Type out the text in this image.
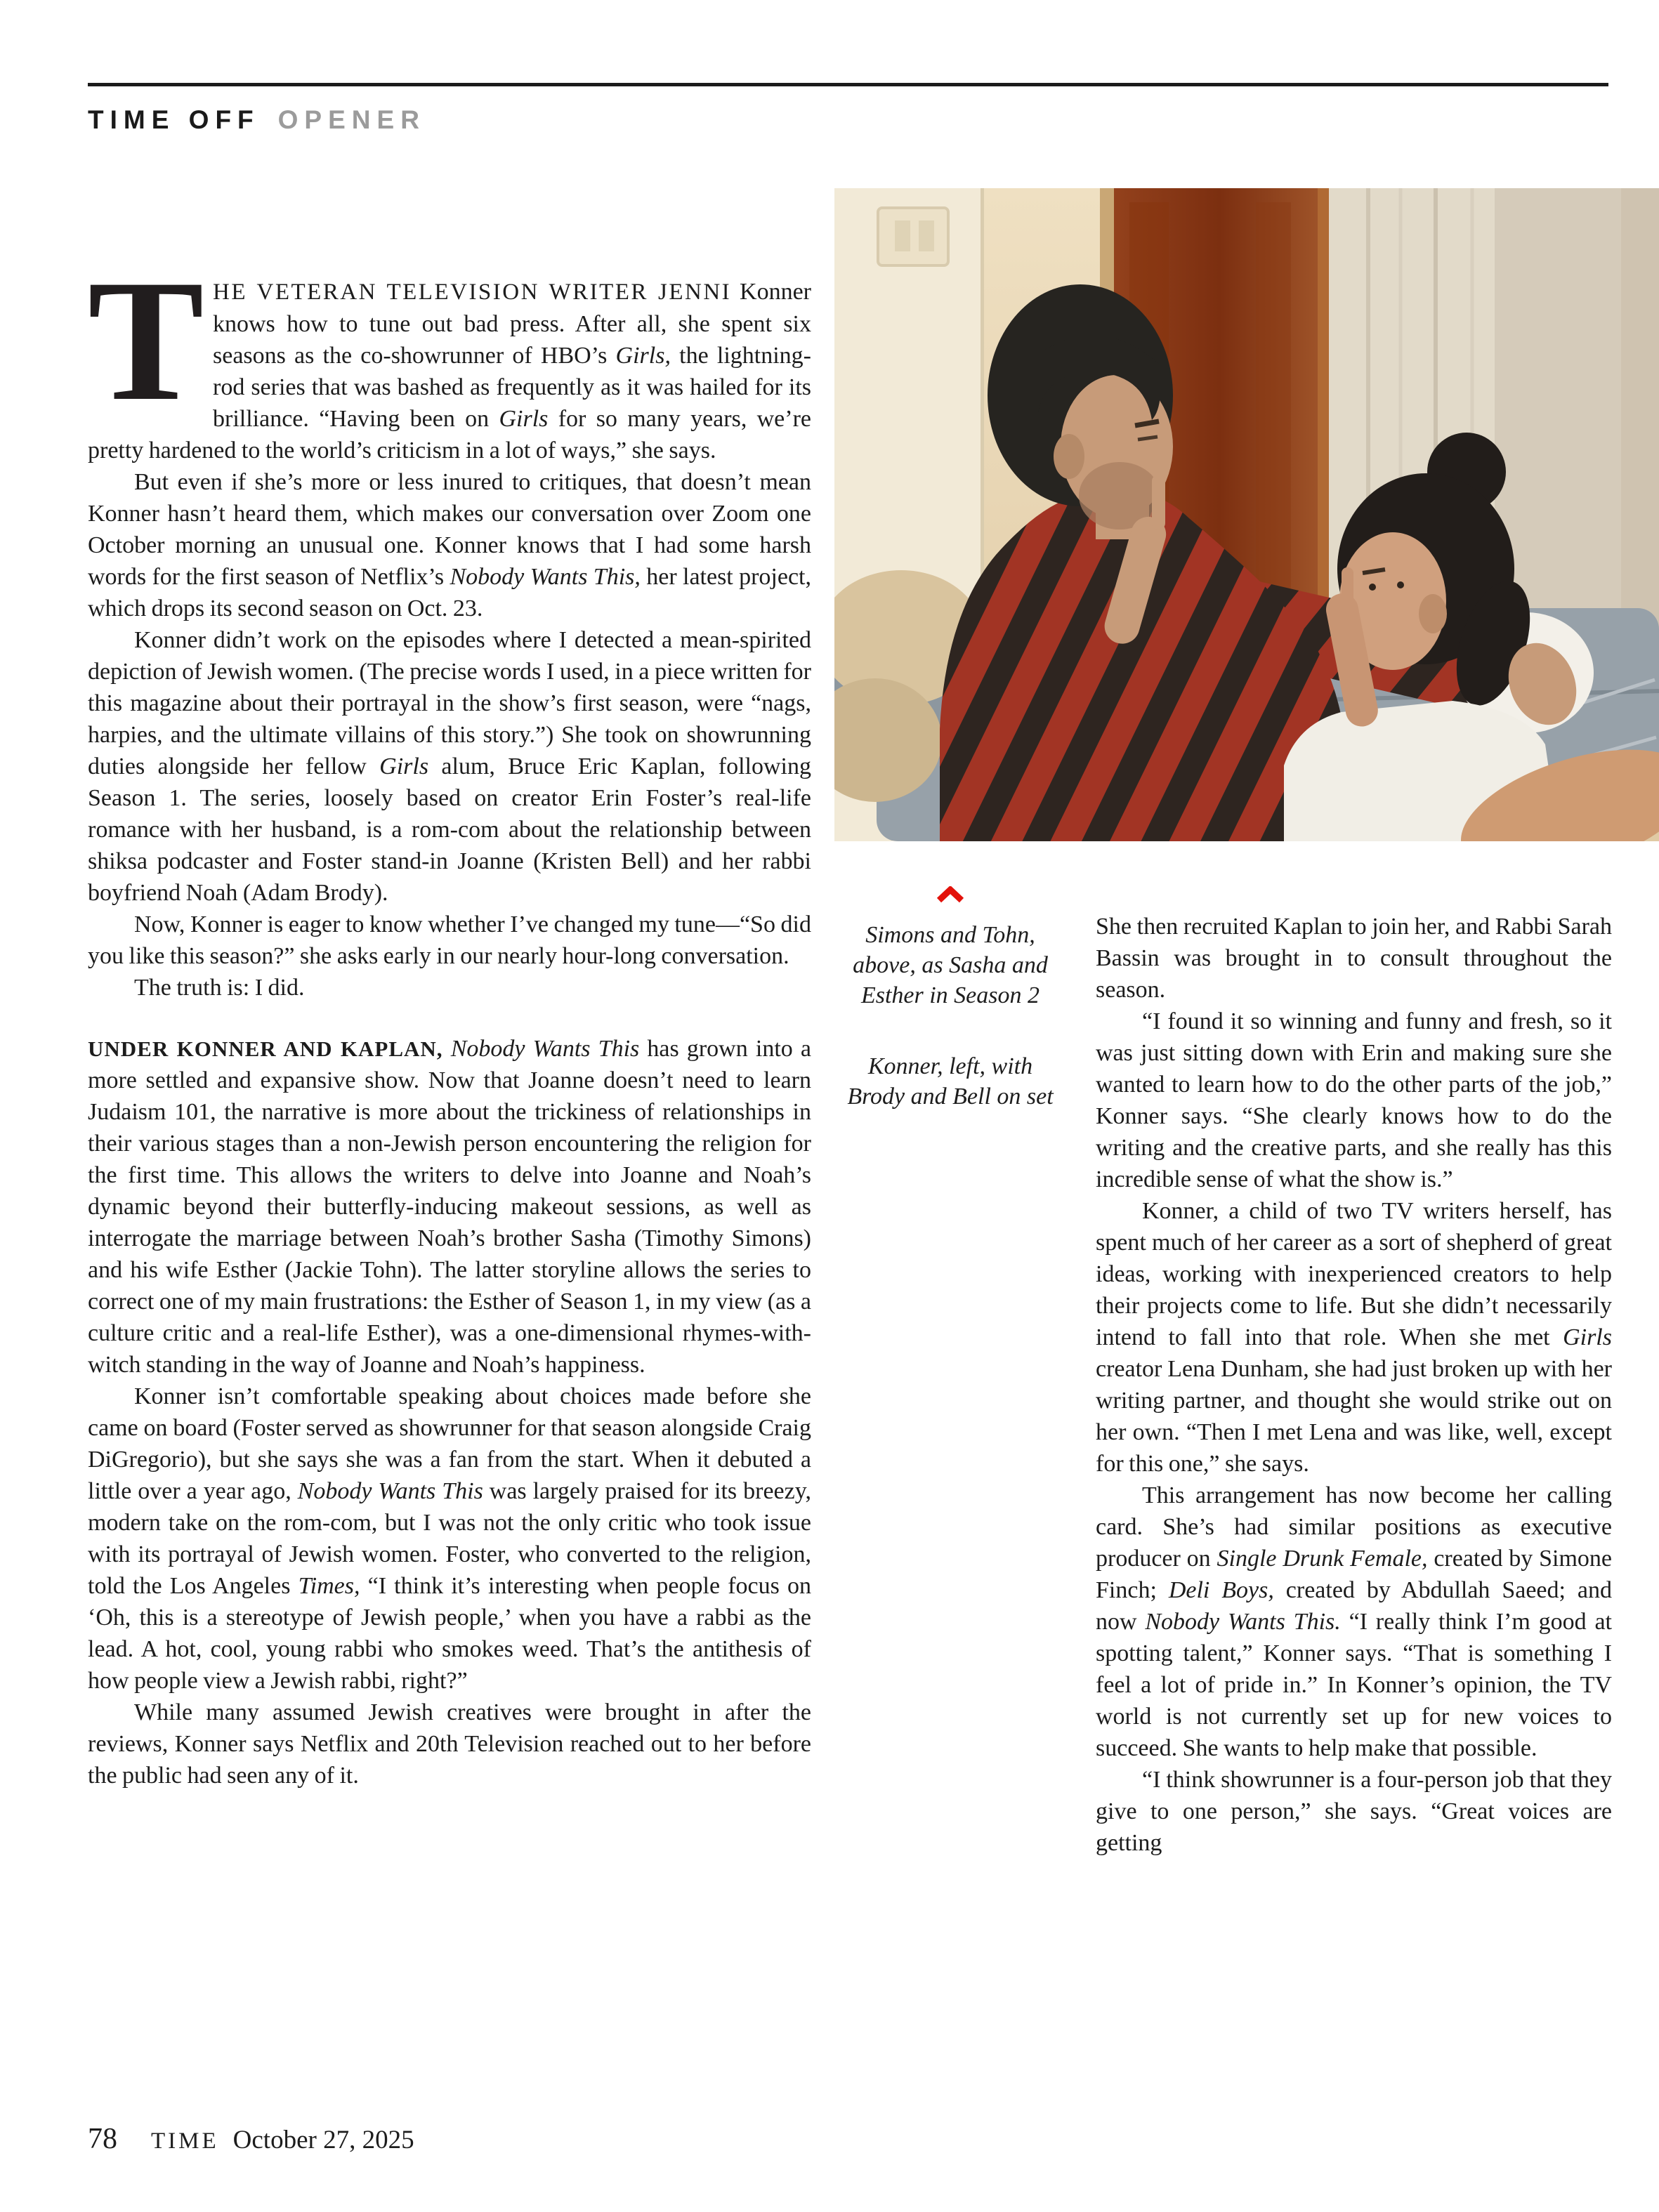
TIME OFF OPENER
Simons and Tohn, above, as Sasha and Esther in Season 2
Konner, left, with Brody and Bell on set
T HE VETERAN TELEVISION WRITER JENNI Konner knows how to tune out bad press. After all, she spent six seasons as the co-showrunner of HBO’s Girls, the lightning-rod series that was bashed as frequently as it was hailed for its brilliance. “Having been on Girls for so many years, we’re pretty hardened to the world’s criticism in a lot of ways,” she says.

But even if she’s more or less inured to critiques, that doesn’t mean Konner hasn’t heard them, which makes our conversation over Zoom one October morning an unusual one. Konner knows that I had some harsh words for the first season of Netflix’s Nobody Wants This, her latest project, which drops its second season on Oct. 23.

Konner didn’t work on the episodes where I detected a mean-spirited depiction of Jewish women. (The precise words I used, in a piece written for this magazine about their portrayal in the show’s first season, were “nags, harpies, and the ultimate villains of this story.”) She took on showrunning duties alongside her fellow Girls alum, Bruce Eric Kaplan, following Season 1. The series, loosely based on creator Erin Foster’s real-life romance with her husband, is a rom-com about the relationship between shiksa podcaster and Foster stand-in Joanne (Kristen Bell) and her rabbi boyfriend Noah (Adam Brody).

Now, Konner is eager to know whether I’ve changed my tune—“So did you like this season?” she asks early in our nearly hour-long conversation.

The truth is: I did.

UNDER KONNER AND KAPLAN, Nobody Wants This has grown into a more settled and expansive show. Now that Joanne doesn’t need to learn Judaism 101, the narrative is more about the trickiness of relationships in their various stages than a non-Jewish person encountering the religion for the first time. This allows the writers to delve into Joanne and Noah’s dynamic beyond their butterfly-inducing makeout sessions, as well as interrogate the marriage between Noah’s brother Sasha (Timothy Simons) and his wife Esther (Jackie Tohn). The latter storyline allows the series to correct one of my main frustrations: the Esther of Season 1, in my view (as a culture critic and a real-life Esther), was a one-dimensional rhymes-with-witch standing in the way of Joanne and Noah’s happiness.

Konner isn’t comfortable speaking about choices made before she came on board (Foster served as showrunner for that season alongside Craig DiGregorio), but she says she was a fan from the start. When it debuted a little over a year ago, Nobody Wants This was largely praised for its breezy, modern take on the rom-com, but I was not the only critic who took issue with its portrayal of Jewish women. Foster, who converted to the religion, told the Los Angeles Times, “I think it’s interesting when people focus on ‘Oh, this is a stereotype of Jewish people,’ when you have a rabbi as the lead. A hot, cool, young rabbi who smokes weed. That’s the antithesis of how people view a Jewish rabbi, right?”

While many assumed Jewish creatives were brought in after the reviews, Konner says Netflix and 20th Television reached out to her before the public had seen any of it.

She then recruited Kaplan to join her, and Rabbi Sarah Bassin was brought in to consult throughout the season.

“I found it so winning and funny and fresh, so it was just sitting down with Erin and making sure she wanted to learn how to do the other parts of the job,” Konner says. “She clearly knows how to do the writing and the creative parts, and she really has this incredible sense of what the show is.”

Konner, a child of two TV writers herself, has spent much of her career as a sort of shepherd of great ideas, working with inexperienced creators to help their projects come to life. But she didn’t necessarily intend to fall into that role. When she met Girls creator Lena Dunham, she had just broken up with her writing partner, and thought she would strike out on her own. “Then I met Lena and was like, well, except for this one,” she says.

This arrangement has now become her calling card. She’s had similar positions as executive producer on Single Drunk Female, created by Simone Finch; Deli Boys, created by Abdullah Saeed; and now Nobody Wants This. “I really think I’m good at spotting talent,” Konner says. “That is something I feel a lot of pride in.” In Konner’s opinion, the TV world is not currently set up for new voices to succeed. She wants to help make that possible.

“I think showrunner is a four-person job that they give to one person,” she says. “Great voices are getting

78 TIME October 27, 2025
